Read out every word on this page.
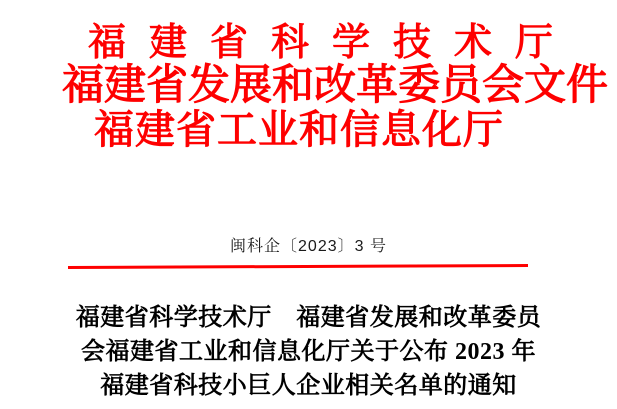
福建省科学技术厅
福建省发展和改革委员会文件
福建省工业和信息化厅
闽科企〔2023〕3 号
福建省科学技术厅　福建省发展和改革委员
会福建省工业和信息化厅关于公布 2023 年
福建省科技小巨人企业相关名单的通知
